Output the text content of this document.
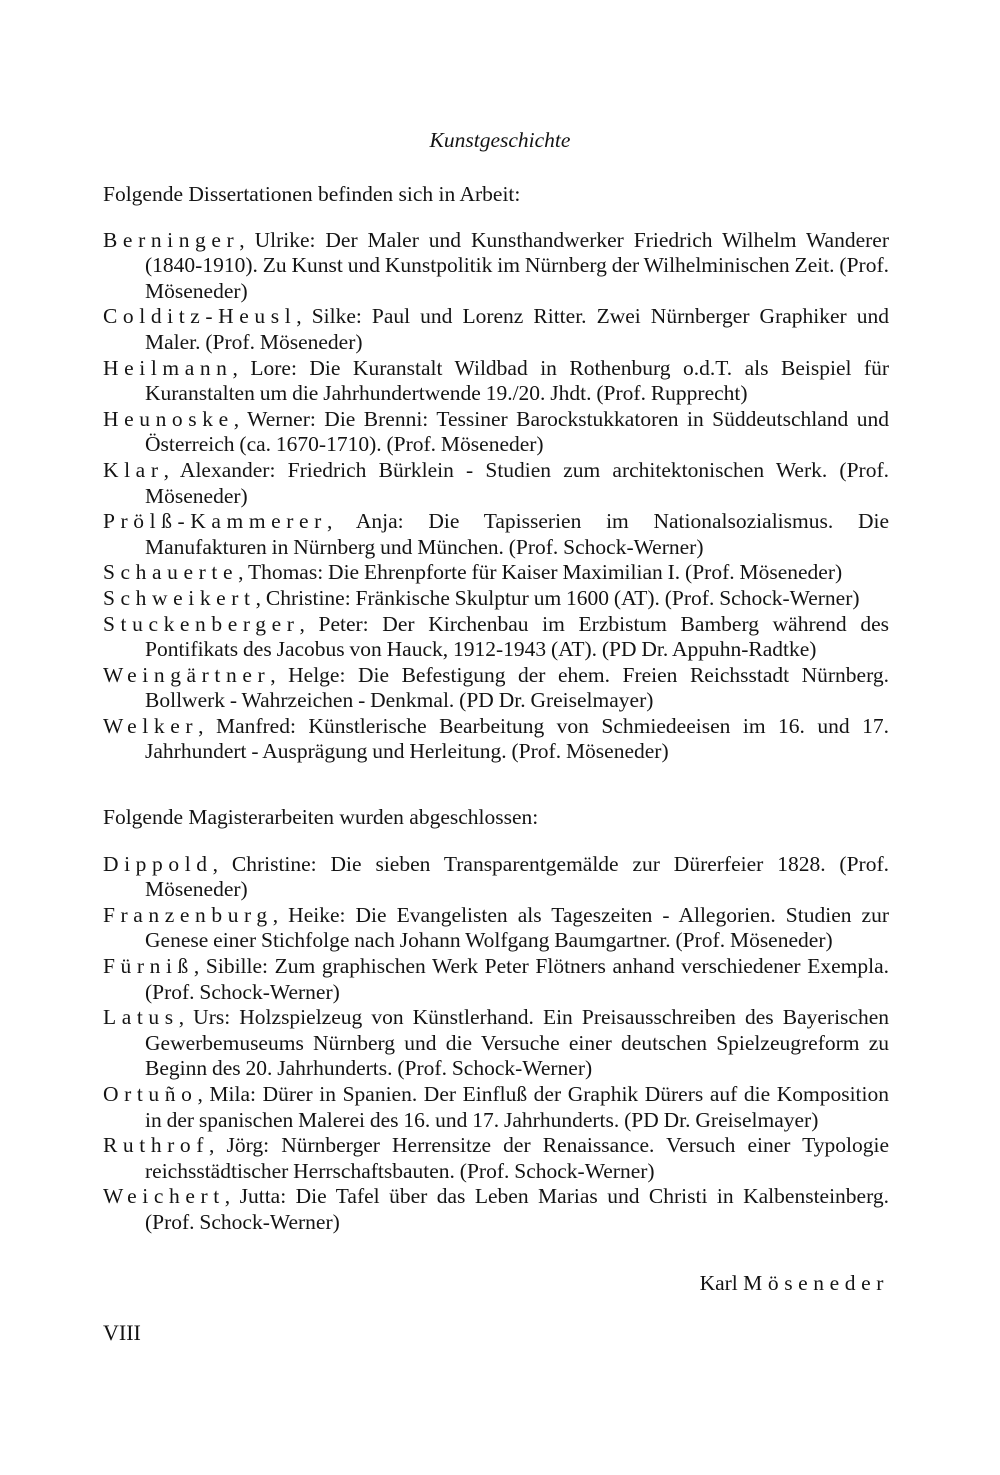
Kunstgeschichte

Folgende Dissertationen befinden sich in Arbeit:

Berninger, Ulrike: Der Maler und Kunsthandwerker Friedrich Wilhelm Wanderer (1840-1910). Zu Kunst und Kunstpolitik im Nürnberg der Wilhelminischen Zeit. (Prof. Möseneder)

Colditz-Heusl, Silke: Paul und Lorenz Ritter. Zwei Nürnberger Graphiker und Maler. (Prof. Möseneder)

Heilmann, Lore: Die Kuranstalt Wildbad in Rothenburg o.d.T. als Beispiel für Kuranstalten um die Jahrhundertwende 19./20. Jhdt. (Prof. Rupprecht)

Heunoske, Werner: Die Brenni: Tessiner Barockstukkatoren in Süddeutschland und Österreich (ca. 1670-1710). (Prof. Möseneder)

Klar, Alexander: Friedrich Bürklein - Studien zum architektonischen Werk. (Prof. Möseneder)

Prölß-Kammerer, Anja: Die Tapisserien im Nationalsozialismus. Die Manufakturen in Nürnberg und München. (Prof. Schock-Werner)

Schauerte, Thomas: Die Ehrenpforte für Kaiser Maximilian I. (Prof. Möseneder)

Schweikert, Christine: Fränkische Skulptur um 1600 (AT). (Prof. Schock-Werner)

Stuckenberger, Peter: Der Kirchenbau im Erzbistum Bamberg während des Pontifikats des Jacobus von Hauck, 1912-1943 (AT). (PD Dr. Appuhn-Radtke)

Weingärtner, Helge: Die Befestigung der ehem. Freien Reichsstadt Nürnberg. Bollwerk - Wahrzeichen - Denkmal. (PD Dr. Greiselmayer)

Welker, Manfred: Künstlerische Bearbeitung von Schmiedeeisen im 16. und 17. Jahrhundert - Ausprägung und Herleitung. (Prof. Möseneder)

Folgende Magisterarbeiten wurden abgeschlossen:

Dippold, Christine: Die sieben Transparentgemälde zur Dürerfeier 1828. (Prof. Möseneder)

Franzenburg, Heike: Die Evangelisten als Tageszeiten - Allegorien. Studien zur Genese einer Stichfolge nach Johann Wolfgang Baumgartner. (Prof. Möseneder)

Fürniß, Sibille: Zum graphischen Werk Peter Flötners anhand verschiedener Exempla. (Prof. Schock-Werner)

Latus, Urs: Holzspielzeug von Künstlerhand. Ein Preisausschreiben des Bayerischen Gewerbemuseums Nürnberg und die Versuche einer deutschen Spielzeugreform zu Beginn des 20. Jahrhunderts. (Prof. Schock-Werner)

Ortuño, Mila: Dürer in Spanien. Der Einfluß der Graphik Dürers auf die Komposition in der spanischen Malerei des 16. und 17. Jahrhunderts. (PD Dr. Greiselmayer)

Ruthrof, Jörg: Nürnberger Herrensitze der Renaissance. Versuch einer Typologie reichsstädtischer Herrschaftsbauten. (Prof. Schock-Werner)

Weichert, Jutta: Die Tafel über das Leben Marias und Christi in Kalbensteinberg. (Prof. Schock-Werner)

Karl Möseneder
VIII
